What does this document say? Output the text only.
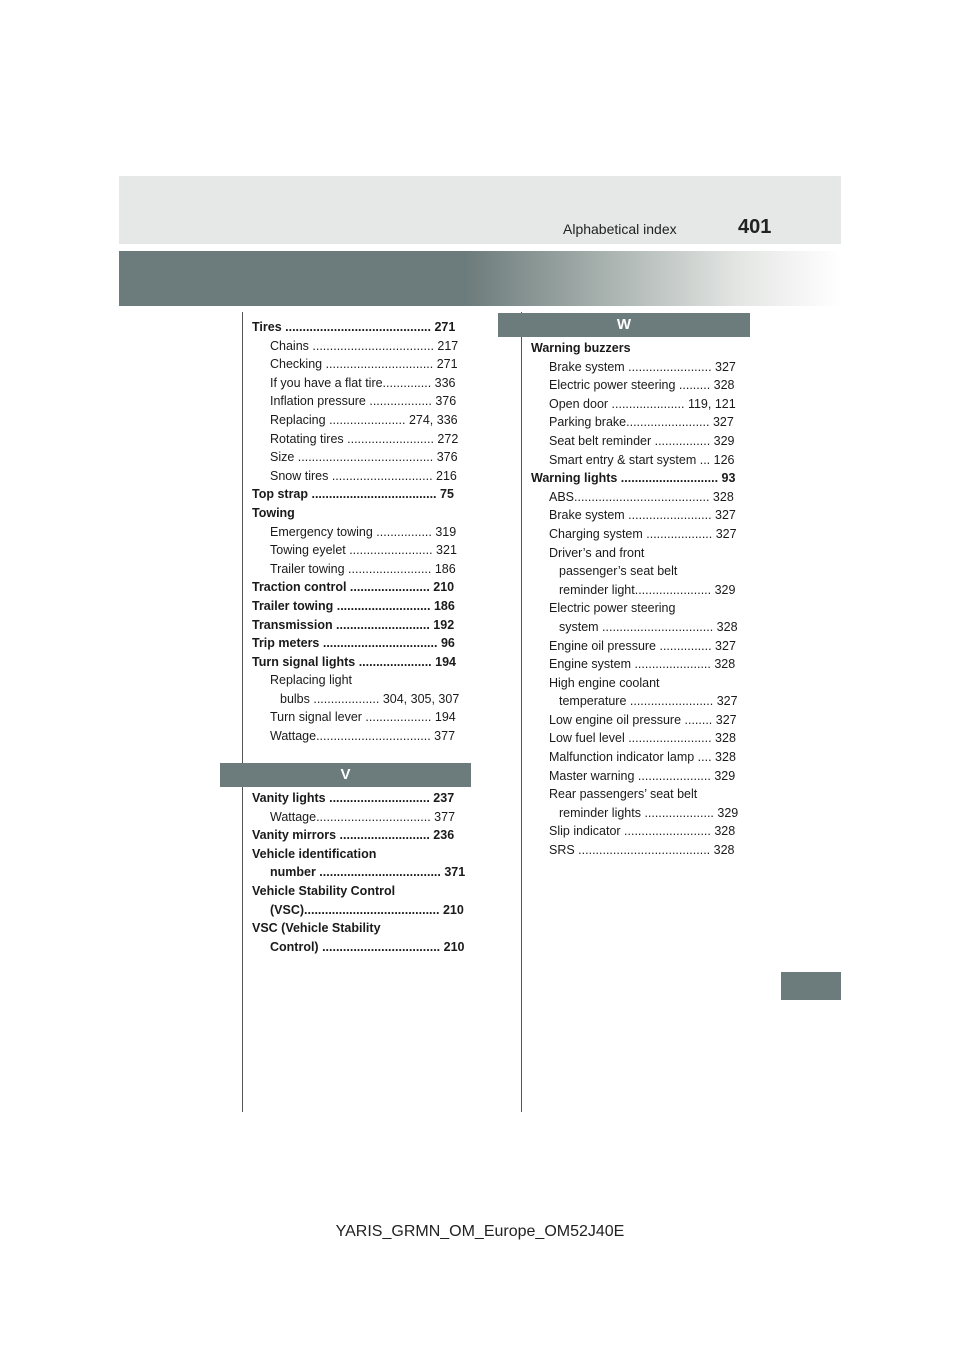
Alphabetical index	401
Tires .......................................... 271
Chains ................................... 217
Checking ............................... 271
If you have a flat tire.............. 336
Inflation pressure .................. 376
Replacing ...................... 274, 336
Rotating tires ......................... 272
Size ....................................... 376
Snow tires ............................. 216
Top strap .................................... 75
Towing
Emergency towing ................ 319
Towing eyelet ........................ 321
Trailer towing ........................ 186
Traction control ....................... 210
Trailer towing ........................... 186
Transmission ........................... 192
Trip meters ................................. 96
Turn signal lights ..................... 194
Replacing light
bulbs ................... 304, 305, 307
Turn signal lever ................... 194
Wattage................................. 377
V
Vanity lights ............................. 237
Wattage................................. 377
Vanity mirrors .......................... 236
Vehicle identification
number ................................... 371
Vehicle Stability Control
(VSC)....................................... 210
VSC (Vehicle Stability
Control) .................................. 210
W
Warning buzzers
Brake system ........................ 327
Electric power steering ......... 328
Open door ..................... 119, 121
Parking brake........................ 327
Seat belt reminder ................ 329
Smart entry & start system ... 126
Warning lights ............................ 93
ABS....................................... 328
Brake system ........................ 327
Charging system ................... 327
Driver’s and front
passenger’s seat belt
reminder light...................... 329
Electric power steering
system ................................ 328
Engine oil pressure ............... 327
Engine system ...................... 328
High engine coolant
temperature ........................ 327
Low engine oil pressure ........ 327
Low fuel level ........................ 328
Malfunction indicator lamp .... 328
Master warning ..................... 329
Rear passengers’ seat belt
reminder lights .................... 329
Slip indicator ......................... 328
SRS ...................................... 328
YARIS_GRMN_OM_Europe_OM52J40E
